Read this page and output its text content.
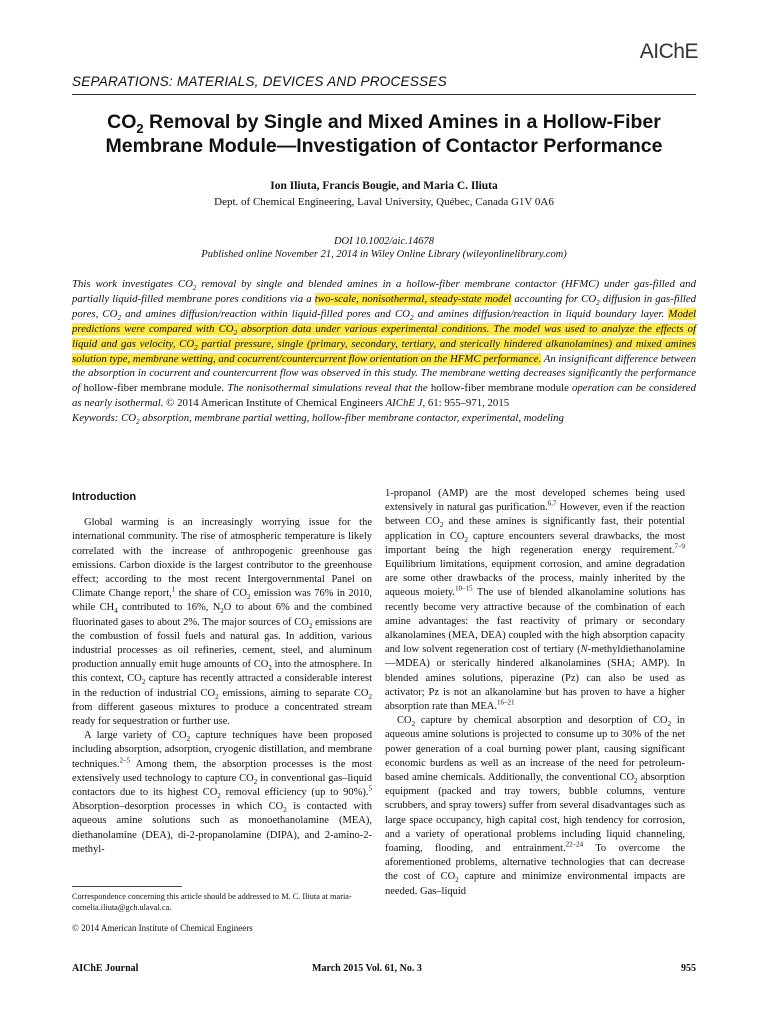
AIChE
SEPARATIONS: MATERIALS, DEVICES AND PROCESSES
$CO_2$ Removal by Single and Mixed Amines in a Hollow-Fiber
Membrane Module—Investigation of Contactor Performance
Ion Iliuta, Francis Bougie, and Maria C. Iliuta
Dept. of Chemical Engineering, Laval University, Québec, Canada G1V 0A6
DOI 10.1002/aic.14678
Published online November 21, 2014 in Wiley Online Library (wileyonlinelibrary.com)
This work investigates $CO_2$ removal by single and blended amines in a hollow-fiber membrane contactor (HFMC) under gas-filled and partially liquid-filled membrane pores conditions via a two-scale, nonisothermal, steady-state model accounting for $CO_2$ diffusion in gas-filled pores, $CO_2$ and amines diffusion/reaction within liquid-filled pores and $CO_2$ and amines diffusion/reaction in liquid boundary layer. Model predictions were compared with $CO_2$ absorption data under various experimental conditions. The model was used to analyze the effects of liquid and gas velocity, $CO_2$ partial pressure, single (primary, secondary, tertiary, and sterically hindered alkanolamines) and mixed amines solution type, membrane wetting, and cocurrent/countercurrent flow orientation on the HFMC performance. An insignificant difference between the absorption in cocurrent and countercurrent flow was observed in this study. The membrane wetting decreases significantly the performance of hollow-fiber membrane module. The nonisothermal simulations reveal that the hollow-fiber membrane module operation can be considered as nearly isothermal. © 2014 American Institute of Chemical Engineers AIChE J, 61: 955–971, 2015
Keywords: $CO_2$ absorption, membrane partial wetting, hollow-fiber membrane contactor, experimental, modeling
Introduction

Global warming is an increasingly worrying issue for the international community. The rise of atmospheric temperature is likely correlated with the increase of anthropogenic greenhouse gas emissions. Carbon dioxide is the largest contributor to the greenhouse effect; according to the most recent Intergovernmental Panel on Climate Change report,$^1$ the share of $CO_2$ emission was 76% in 2010, while $CH_4$ contributed to 16%, $N_2O$ to about 6% and the combined fluorinated gases to about 2%. The major sources of $CO_2$ emissions are the combustion of fossil fuels and natural gas. In addition, various industrial processes as oil refineries, cement, steel, and aluminum production annually emit huge amounts of $CO_2$ into the atmosphere. In this context, $CO_2$ capture has recently attracted a considerable interest in the reduction of industrial $CO_2$ emissions, aiming to separate $CO_2$ from different gaseous mixtures to produce a concentrated stream ready for sequestration or further use.

A large variety of $CO_2$ capture techniques have been proposed including absorption, adsorption, cryogenic distillation, and membrane techniques.$^{2-5}$ Among them, the absorption processes is the most extensively used technology to capture $CO_2$ in conventional gas–liquid contactors due to its highest $CO_2$ removal efficiency (up to 90%).$^5$ Absorption–desorption processes in which $CO_2$ is contacted with aqueous amine solutions such as monoethanolamine (MEA), diethanolamine (DEA), di-2-propanolamine (DIPA), and 2-amino-2-methyl-

1-propanol (AMP) are the most developed schemes being used extensively in natural gas purification.$^{6,7}$ However, even if the reaction between $CO_2$ and these amines is significantly fast, their potential application in $CO_2$ capture encounters several drawbacks, the most important being the high regeneration energy requirement.$^{7-9}$ Equilibrium limitations, equipment corrosion, and amine degradation are some other drawbacks of the process, mainly inherited by the aqueous moiety.$^{10-15}$ The use of blended alkanolamine solutions has recently become very attractive because of the combination of each amine advantages: the fast reactivity of primary or secondary alkanolamines (MEA, DEA) coupled with the high absorption capacity and low solvent regeneration cost of tertiary (N-methyldiethanolamine—MDEA) or sterically hindered alkanolamines (SHA; AMP). In blended amines solutions, piperazine (Pz) can also be used as activator; Pz is not an alkanolamine but has proven to have a higher absorption rate than MEA.$^{16-21}$

$CO_2$ capture by chemical absorption and desorption of $CO_2$ in aqueous amine solutions is projected to consume up to 30% of the net power generation of a coal burning power plant, causing significant economic burdens as well as an increase of the need for petroleum-based amine chemicals. Additionally, the conventional $CO_2$ absorption equipment (packed and tray towers, bubble columns, venture scrubbers, and spray towers) suffer from several disadvantages such as large space occupancy, high capital cost, high tendency for corrosion, and a variety of operational problems including liquid channeling, foaming, flooding, and entrainment.$^{22-24}$ To overcome the aforementioned problems, alternative technologies that can decrease the cost of $CO_2$ capture and minimize environmental impacts are needed. Gas–liquid

Correspondence concerning this article should be addressed to M. C. Iliuta at maria-cornelia.iliuta@gch.ulaval.ca.
© 2014 American Institute of Chemical Engineers
AIChE Journal	March 2015 Vol. 61, No. 3	955
